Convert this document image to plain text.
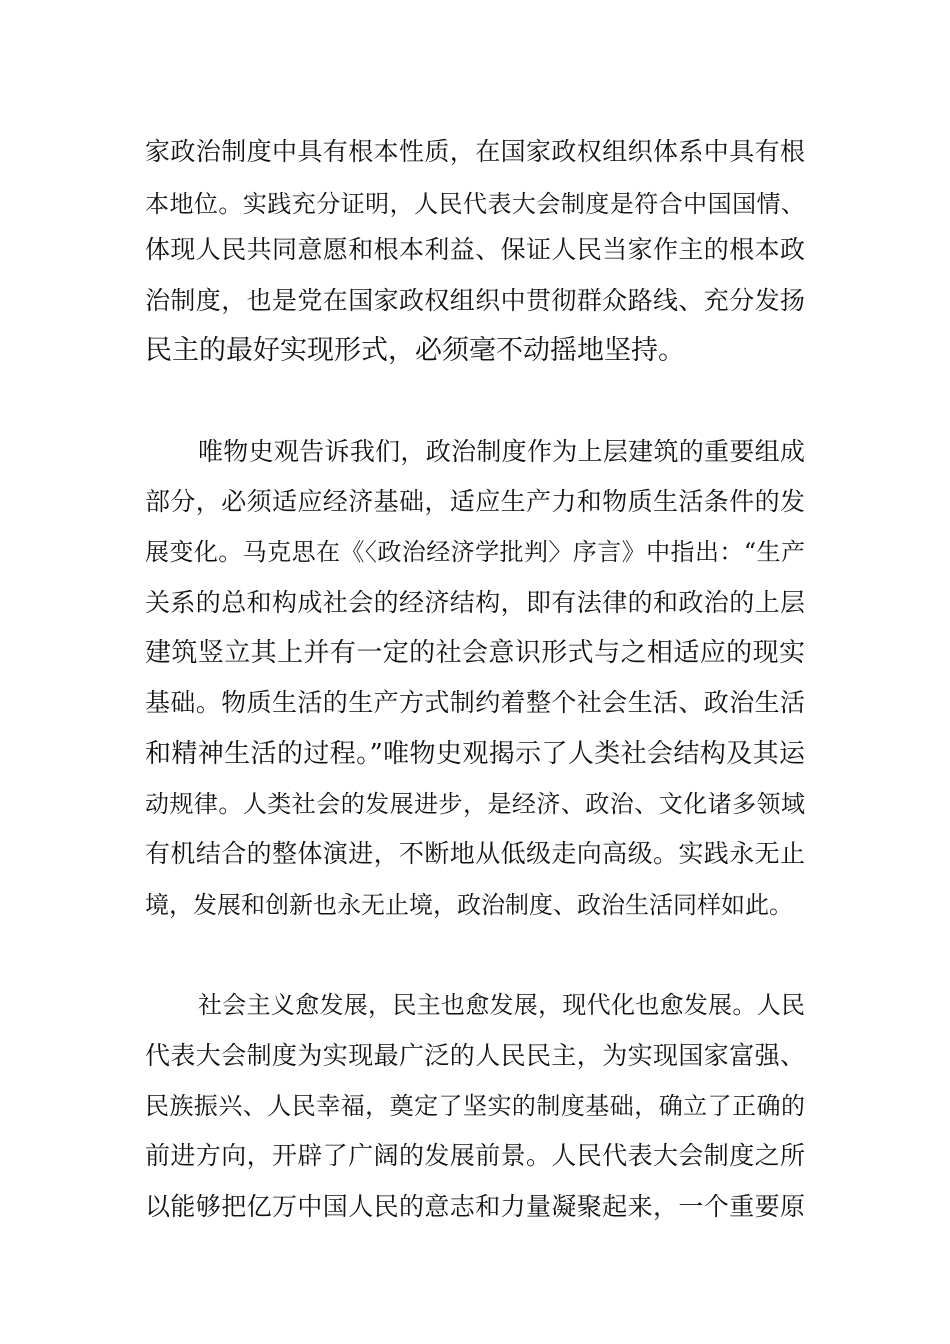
家政治制度中具有根本性质，在国家政权组织体系中具有根
本地位。实践充分证明，人民代表大会制度是符合中国国情、
体现人民共同意愿和根本利益、保证人民当家作主的根本政
治制度，也是党在国家政权组织中贯彻群众路线、充分发扬
民主的最好实现形式，必须毫不动摇地坚持。
唯物史观告诉我们，政治制度作为上层建筑的重要组成
部分，必须适应经济基础，适应生产力和物质生活条件的发
展变化。马克思在《〈政治经济学批判〉序言》中指出：“生产
关系的总和构成社会的经济结构，即有法律的和政治的上层
建筑竖立其上并有一定的社会意识形式与之相适应的现实
基础。物质生活的生产方式制约着整个社会生活、政治生活
和精神生活的过程。”唯物史观揭示了人类社会结构及其运
动规律。人类社会的发展进步，是经济、政治、文化诸多领域
有机结合的整体演进，不断地从低级走向高级。实践永无止
境，发展和创新也永无止境，政治制度、政治生活同样如此。
社会主义愈发展，民主也愈发展，现代化也愈发展。人民
代表大会制度为实现最广泛的人民民主，为实现国家富强、
民族振兴、人民幸福，奠定了坚实的制度基础，确立了正确的
前进方向，开辟了广阔的发展前景。人民代表大会制度之所
以能够把亿万中国人民的意志和力量凝聚起来，一个重要原
